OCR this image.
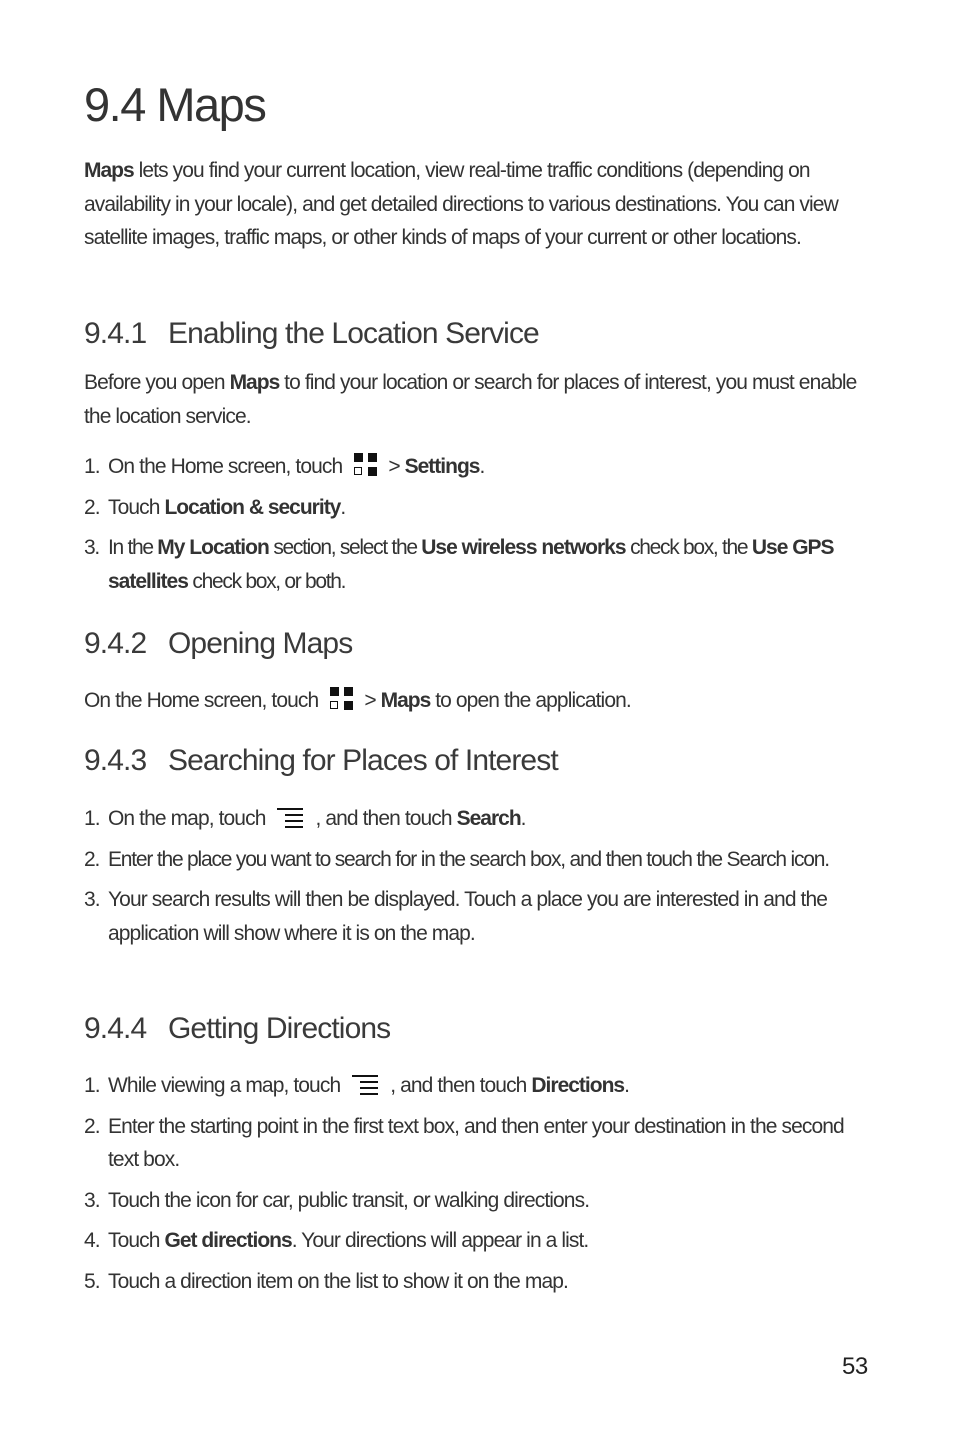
9.4 Maps

Maps lets you find your current location, view real-time traffic conditions (depending on availability in your locale), and get detailed directions to various destinations. You can view satellite images, traffic maps, or other kinds of maps of your current or other locations.

9.4.1 Enabling the Location Service

Before you open Maps to find your location or search for places of interest, you must enable the location service.

1. On the Home screen, touch > Settings.
2. Touch Location & security.
3. In the My Location section, select the Use wireless networks check box, the Use GPS satellites check box, or both.
9.4.2 Opening Maps

On the Home screen, touch > Maps to open the application.

9.4.3 Searching for Places of Interest
1. On the map, touch , and then touch Search.
2. Enter the place you want to search for in the search box, and then touch the Search icon.
3. Your search results will then be displayed. Touch a place you are interested in and the application will show where it is on the map.
9.4.4 Getting Directions
1. While viewing a map, touch , and then touch Directions.
2. Enter the starting point in the first text box, and then enter your destination in the second text box.
3. Touch the icon for car, public transit, or walking directions.
4. Touch Get directions. Your directions will appear in a list.
5. Touch a direction item on the list to show it on the map.
53
